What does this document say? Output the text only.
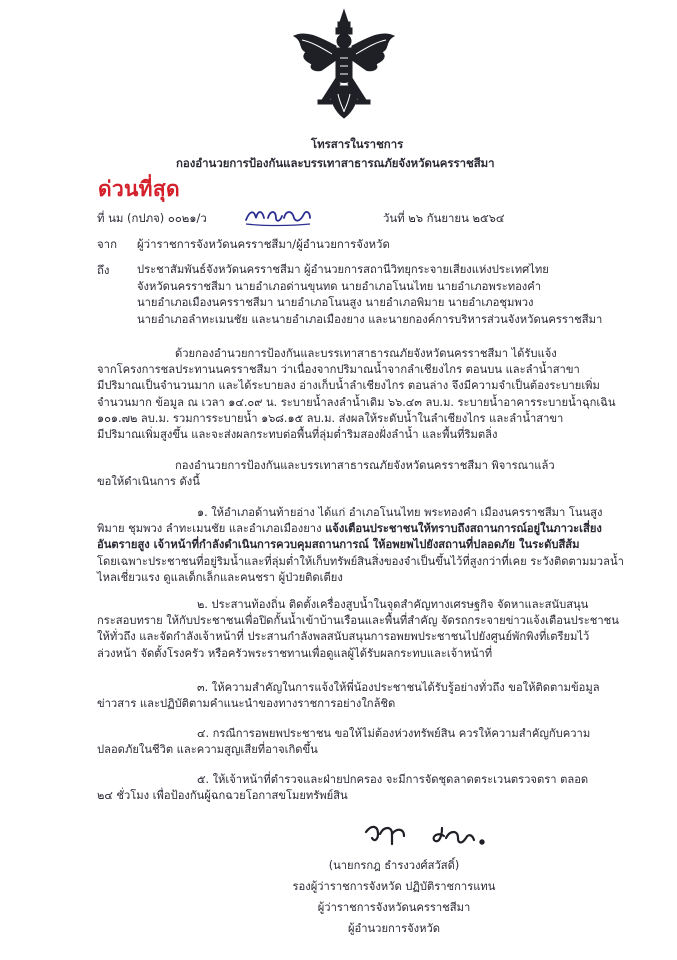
โทรสารในราชการ
กองอำนวยการป้องกันและบรรเทาสาธารณภัยจังหวัดนครราชสีมา
ด่วนที่สุด
ที่ นม (กปภจ) ๐๐๒๑/ว	วันที่ ๒๖ กันยายน ๒๕๖๔
จาก ผู้ว่าราชการจังหวัดนครราชสีมา/ผู้อำนวยการจังหวัด
ถึง ประชาสัมพันธ์จังหวัดนครราชสีมา ผู้อำนวยการสถานีวิทยุกระจายเสียงแห่งประเทศไทย

จังหวัดนครราชสีมา นายอำเภอด่านขุนทด นายอำเภอโนนไทย นายอำเภอพระทองคำ

นายอำเภอเมืองนครราชสีมา นายอำเภอโนนสูง นายอำเภอพิมาย นายอำเภอชุมพวง

นายอำเภอลำทะเมนชัย และนายอำเภอเมืองยาง และนายกองค์การบริหารส่วนจังหวัดนครราชสีมา

ด้วยกองอำนวยการป้องกันและบรรเทาสาธารณภัยจังหวัดนครราชสีมา ได้รับแจ้ง

จากโครงการชลประทานนครราชสีมา ว่าเนื่องจากปริมาณน้ำจากลำเชียงไกร ตอนบน และลำน้ำสาขา

มีปริมาณเป็นจำนวนมาก และได้ระบายลง อ่างเก็บน้ำลำเชียงไกร ตอนล่าง จึงมีความจำเป็นต้องระบายเพิ่ม

จำนวนมาก ข้อมูล ณ เวลา ๑๔.๐๙ น. ระบายน้ำลงลำน้ำเดิม ๖๖.๔๓ ลบ.ม. ระบายน้ำอาคารระบายน้ำฉุกเฉิน

๑๐๑.๗๒ ลบ.ม. รวมการระบายน้ำ ๑๖๘.๑๕ ลบ.ม. ส่งผลให้ระดับน้ำในลำเชียงไกร และลำน้ำสาขา

มีปริมาณเพิ่มสูงขึ้น และจะส่งผลกระทบต่อพื้นที่ลุ่มต่ำริมสองฝั่งลำน้ำ และพื้นที่ริมตลิ่ง

กองอำนวยการป้องกันและบรรเทาสาธารณภัยจังหวัดนครราชสีมา พิจารณาแล้ว

ขอให้ดำเนินการ ดังนี้

๑. ให้อำเภอด้านท้ายอ่าง ได้แก่ อำเภอโนนไทย พระทองคำ เมืองนครราชสีมา โนนสูง

พิมาย ชุมพวง ลำทะเมนชัย และอำเภอเมืองยาง แจ้งเตือนประชาชนให้ทราบถึงสถานการณ์อยู่ในภาวะเสี่ยง

อันตรายสูง เจ้าหน้าที่กำลังดำเนินการควบคุมสถานการณ์ ให้อพยพไปยังสถานที่ปลอดภัย ในระดับสีส้ม

โดยเฉพาะประชาชนที่อยู่ริมน้ำและที่ลุ่มต่ำให้เก็บทรัพย์สินสิ่งของจำเป็นขึ้นไว้ที่สูงกว่าที่เคย ระวังติดตามมวลน้ำ

ไหลเชี่ยวแรง ดูแลเด็กเล็กและคนชรา ผู้ป่วยติดเตียง

๒. ประสานท้องถิ่น ติดตั้งเครื่องสูบน้ำในจุดสำคัญทางเศรษฐกิจ จัดหาและสนับสนุน

กระสอบทราย ให้กับประชาชนเพื่อปิดกั้นน้ำเข้าบ้านเรือนและพื้นที่สำคัญ จัดรถกระจายข่าวแจ้งเตือนประชาชน

ให้ทั่วถึง และจัดกำลังเจ้าหน้าที่ ประสานกำลังพลสนับสนุนการอพยพประชาชนไปยังศูนย์พักพิงที่เตรียมไว้

ล่วงหน้า จัดตั้งโรงครัว หรือครัวพระราชทานเพื่อดูแลผู้ได้รับผลกระทบและเจ้าหน้าที่

๓. ให้ความสำคัญในการแจ้งให้พี่น้องประชาชนได้รับรู้อย่างทั่วถึง ขอให้ติดตามข้อมูล

ข่าวสาร และปฏิบัติตามคำแนะนำของทางราชการอย่างใกล้ชิด

๔. กรณีการอพยพประชาชน ขอให้ไม่ต้องห่วงทรัพย์สิน ควรให้ความสำคัญกับความ

ปลอดภัยในชีวิต และความสูญเสียที่อาจเกิดขึ้น

๕. ให้เจ้าหน้าที่ตำรวจและฝ่ายปกครอง จะมีการจัดชุดลาดตระเวนตรวจตรา ตลอด

๒๔ ชั่วโมง เพื่อป้องกันผู้ฉกฉวยโอกาสขโมยทรัพย์สิน

(นายกรกฎ ธำรงวงศ์สวัสดิ์)
รองผู้ว่าราชการจังหวัด ปฏิบัติราชการแทน
ผู้ว่าราชการจังหวัดนครราชสีมา
ผู้อำนวยการจังหวัด
